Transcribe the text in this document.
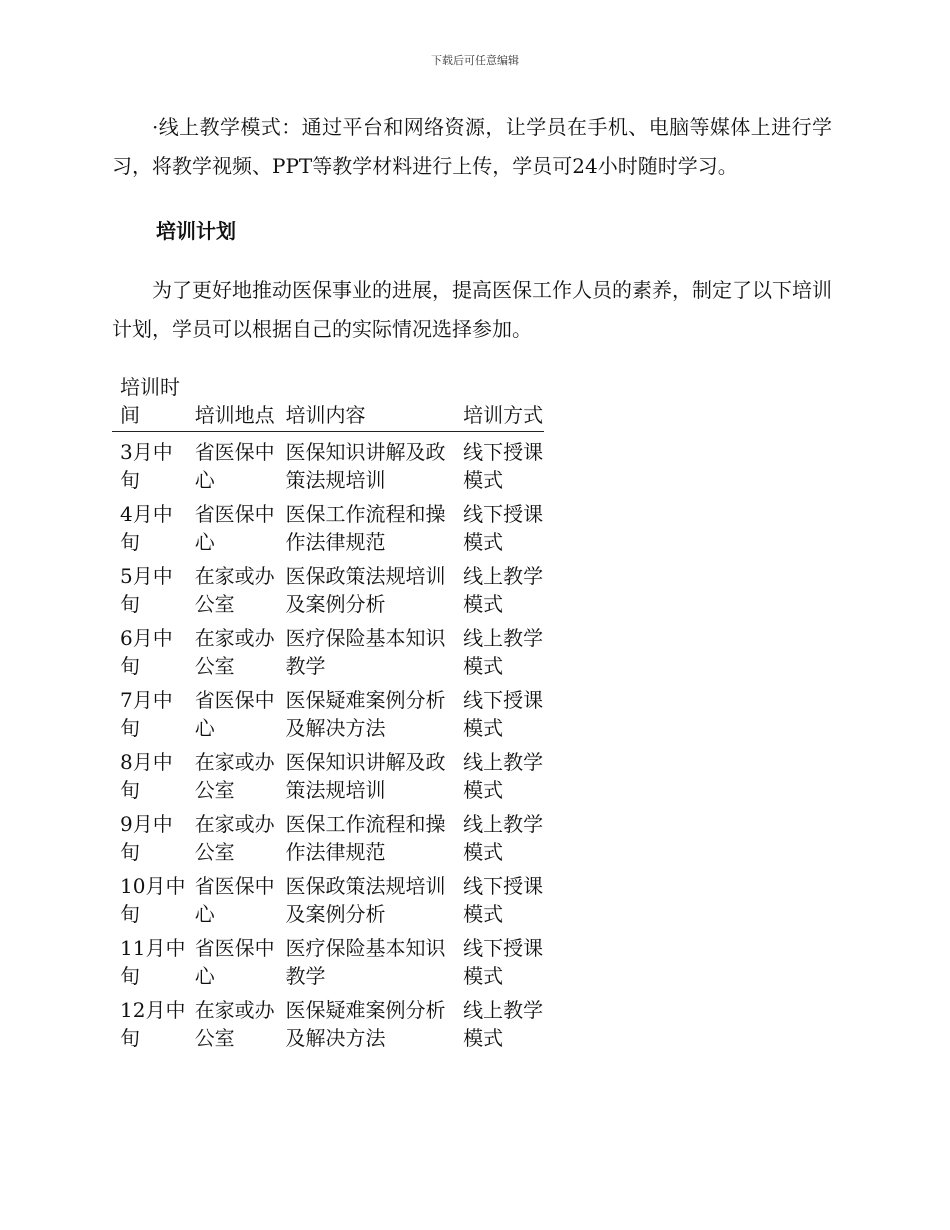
下载后可任意编辑

·线上教学模式：通过平台和网络资源，让学员在手机、电脑等媒体上进行学习，将教学视频、PPT等教学材料进行上传，学员可24小时随时学习。

培训计划

为了更好地推动医保事业的进展，提高医保工作人员的素养，制定了以下培训计划，学员可以根据自己的实际情况选择参加。

培训时间	培训地点	培训内容	培训方式

3月中旬	省医保中心	医保知识讲解及政策法规培训	线下授课模式

4月中旬	省医保中心	医保工作流程和操作法律规范	线下授课模式

5月中旬	在家或办公室	医保政策法规培训及案例分析	线上教学模式

6月中旬	在家或办公室	医疗保险基本知识教学	线上教学模式

7月中旬	省医保中心	医保疑难案例分析及解决方法	线下授课模式

8月中旬	在家或办公室	医保知识讲解及政策法规培训	线上教学模式

9月中旬	在家或办公室	医保工作流程和操作法律规范	线上教学模式

10月中旬	省医保中心	医保政策法规培训及案例分析	线下授课模式

11月中旬	省医保中心	医疗保险基本知识教学	线下授课模式

12月中旬	在家或办公室	医保疑难案例分析及解决方法	线上教学模式
